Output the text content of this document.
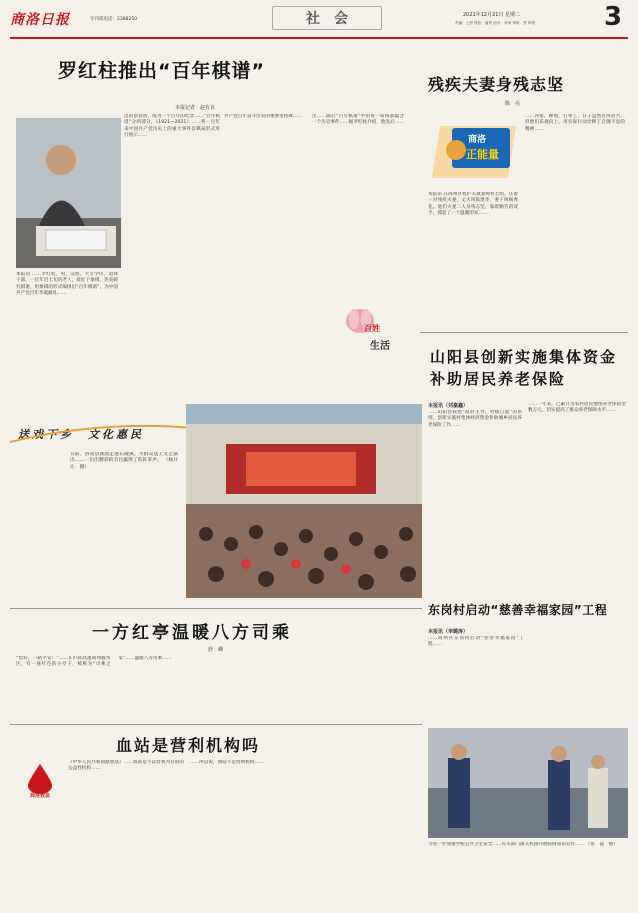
商洛日报	专刊部电话：2388250	社　会	2021年12月21日 星期二
责编：王婷 校检：潘青 组对：李涛 审核：贾 审校	3
罗红柱推出“百年棋谱”
本报记者　赵有良
本报讯 ……罗红柱，男，汉族，大专学历，退休干部，一位年近七旬的老人，爱好下象棋，热衷研究棋谱，用象棋的形式编排出“百年棋谱”，为中国共产党百年华诞献礼……
出的创意谱，成为一个百年的纪念……“百年棋谱”分两部分，《1921—2021》……将一百年来中国共产党历史上的重大事件以棋局形式进行展示……
共产党百年奋斗历史的重要里程碑……	出……随后“百年棋谱”中的每一局棋都蕴含一个历史事件……据罗红柱介绍，他先后……
百姓
生活
残疾夫妻身残志坚
陈　亮
商洛
正能量
本报讯 在商州区牧护关镇秦岭村七组，住着一对残疾夫妻，丈夫叫陈建华，妻子叫杨秀花。他们夫妻二人身残志坚，靠着勤劳的双手，撑起了一个温暖的家……
……养猪、种地、打零工，日子虽然过得清苦，但他们乐观向上，用实际行动诠释了自强不息的精神……
山阳县创新实施集体资金补助居民养老保险
本报讯（刘嘉鑫）
……山阳县按照“政府主导、村级自愿”的原则，创新实施村集体经济资金补助城乡居民养老保险工作……
……一年来，已累计为农村居民缴纳养老保险金数万元，切实提高了群众养老保障水平……
送戏下乡　文化惠民
日前，洛南县剧团走进石坡镇，为群众送上文艺演出……一出出精彩的节目赢得了阵阵掌声。 （杨开让　摄）
一方红亭温暖八方司乘
舒　卿
“您好，一路平安！”……在沪陕高速商州服务区，有一座红色的小亭子，被称为“司乘之家”……温暖八方司乘……
东岗村启动“慈善幸福家园”工程
本报讯（李璐涛）
……商州区东岗村启动“慈善幸福家园”工程……
为进一步加强学校公共卫生安全……有关部门深入校园开展防疫知识宣传…… （张　磊　摄）
血站是营利机构吗
商洛救血
《中华人民共和国献血法》……血站是不以营利为目的的公益性机构……
……所以说，血站不是营利机构……
